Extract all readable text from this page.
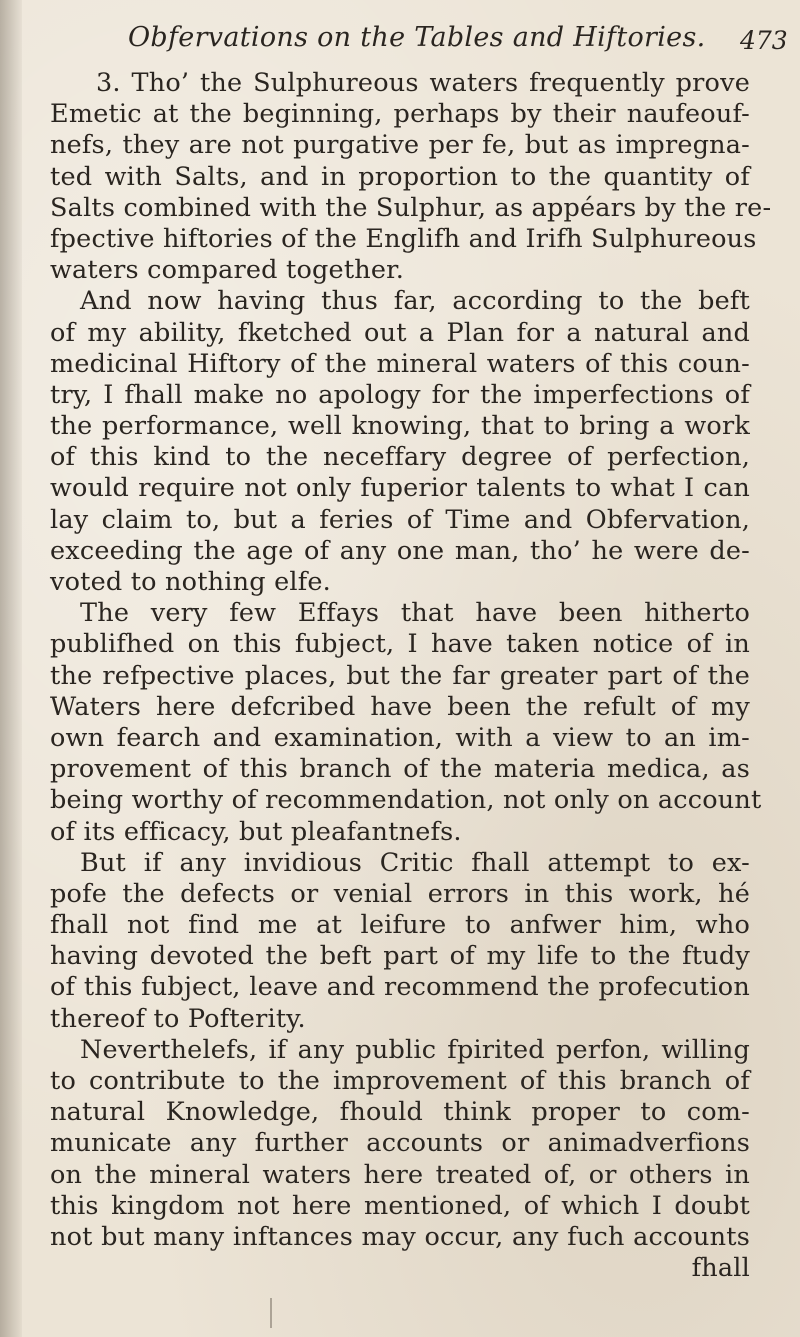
Obfervations on the Tables and Hiftories. 473
3. Tho’ the Sulphureous waters frequently prove
Emetic at the beginning, perhaps by their naufeouf-
nefs, they are not purgative per fe, but as impregna-
ted with Salts, and in proportion to the quantity of
Salts combined with the Sulphur, as appéars by the re-
fpective hiftories of the Englifh and Irifh Sulphureous
waters compared together.
And now having thus far, according to the beft
of my ability, fketched out a Plan for a natural and
medicinal Hiftory of the mineral waters of this coun-
try, I fhall make no apology for the imperfections of
the performance, well knowing, that to bring a work
of this kind to the neceffary degree of perfection,
would require not only fuperior talents to what I can
lay claim to, but a feries of Time and Obfervation,
exceeding the age of any one man, tho’ he were de-
voted to nothing elfe.
The very few Effays that have been hitherto
publifhed on this fubject, I have taken notice of in
the refpective places, but the far greater part of the
Waters here defcribed have been the refult of my
own fearch and examination, with a view to an im-
provement of this branch of the materia medica, as
being worthy of recommendation, not only on account
of its efficacy, but pleafantnefs.
But if any invidious Critic fhall attempt to ex-
pofe the defects or venial errors in this work, hé
fhall not find me at leifure to anfwer him, who
having devoted the beft part of my life to the ftudy
of this fubject, leave and recommend the profecution
thereof to Pofterity.
Neverthelefs, if any public fpirited perfon, willing
to contribute to the improvement of this branch of
natural Knowledge, fhould think proper to com-
municate any further accounts or animadverfions
on the mineral waters here treated of, or others in
this kingdom not here mentioned, of which I doubt
not but many inftances may occur, any fuch accounts
fhall
